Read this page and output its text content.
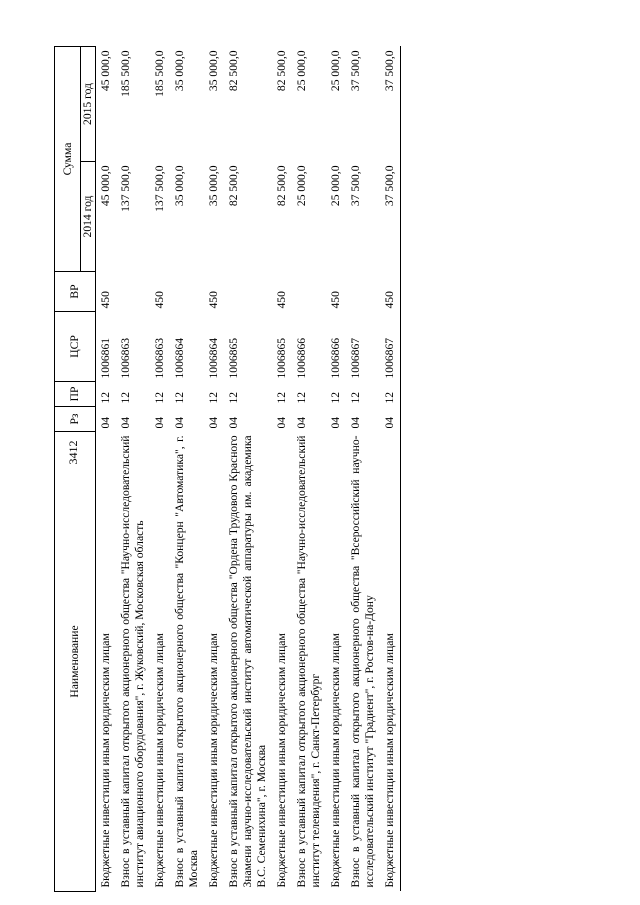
3412
Наименование	Рз	ПР	ЦСР	ВР	Сумма	
					2014 год	2015 год
Бюджетные инвестиции иным юридическим лицам	04	12	1006861	450	45 000,0	45 000,0
Взнос в уставный капитал открытого акционерного общества "Научно-исследовательский институт авиационного оборудования", г. Жуковский, Московская область	04	12	1006863		137 500,0	185 500,0
Бюджетные инвестиции иным юридическим лицам	04	12	1006863	450	137 500,0	185 500,0
Взнос в уставный капитал открытого акционерного общества "Концерн "Автоматика", г. Москва	04	12	1006864		35 000,0	35 000,0
Бюджетные инвестиции иным юридическим лицам	04	12	1006864	450	35 000,0	35 000,0
Взнос в уставный капитал открытого акционерного общества "Ордена Трудового Красного Знамени научно-исследовательский институт автоматической аппаратуры им. академика В.С. Семенихина", г. Москва	04	12	1006865		82 500,0	82 500,0
Бюджетные инвестиции иным юридическим лицам	04	12	1006865	450	82 500,0	82 500,0
Взнос в уставный капитал открытого акционерного общества "Научно-исследовательский институт телевидения", г. Санкт-Петербург	04	12	1006866		25 000,0	25 000,0
Бюджетные инвестиции иным юридическим лицам	04	12	1006866	450	25 000,0	25 000,0
Взнос в уставный капитал открытого акционерного общества "Всероссийский научно-исследовательский институт "Градиент", г. Ростов-на-Дону	04	12	1006867		37 500,0	37 500,0
Бюджетные инвестиции иным юридическим лицам	04	12	1006867	450	37 500,0	37 500,0
